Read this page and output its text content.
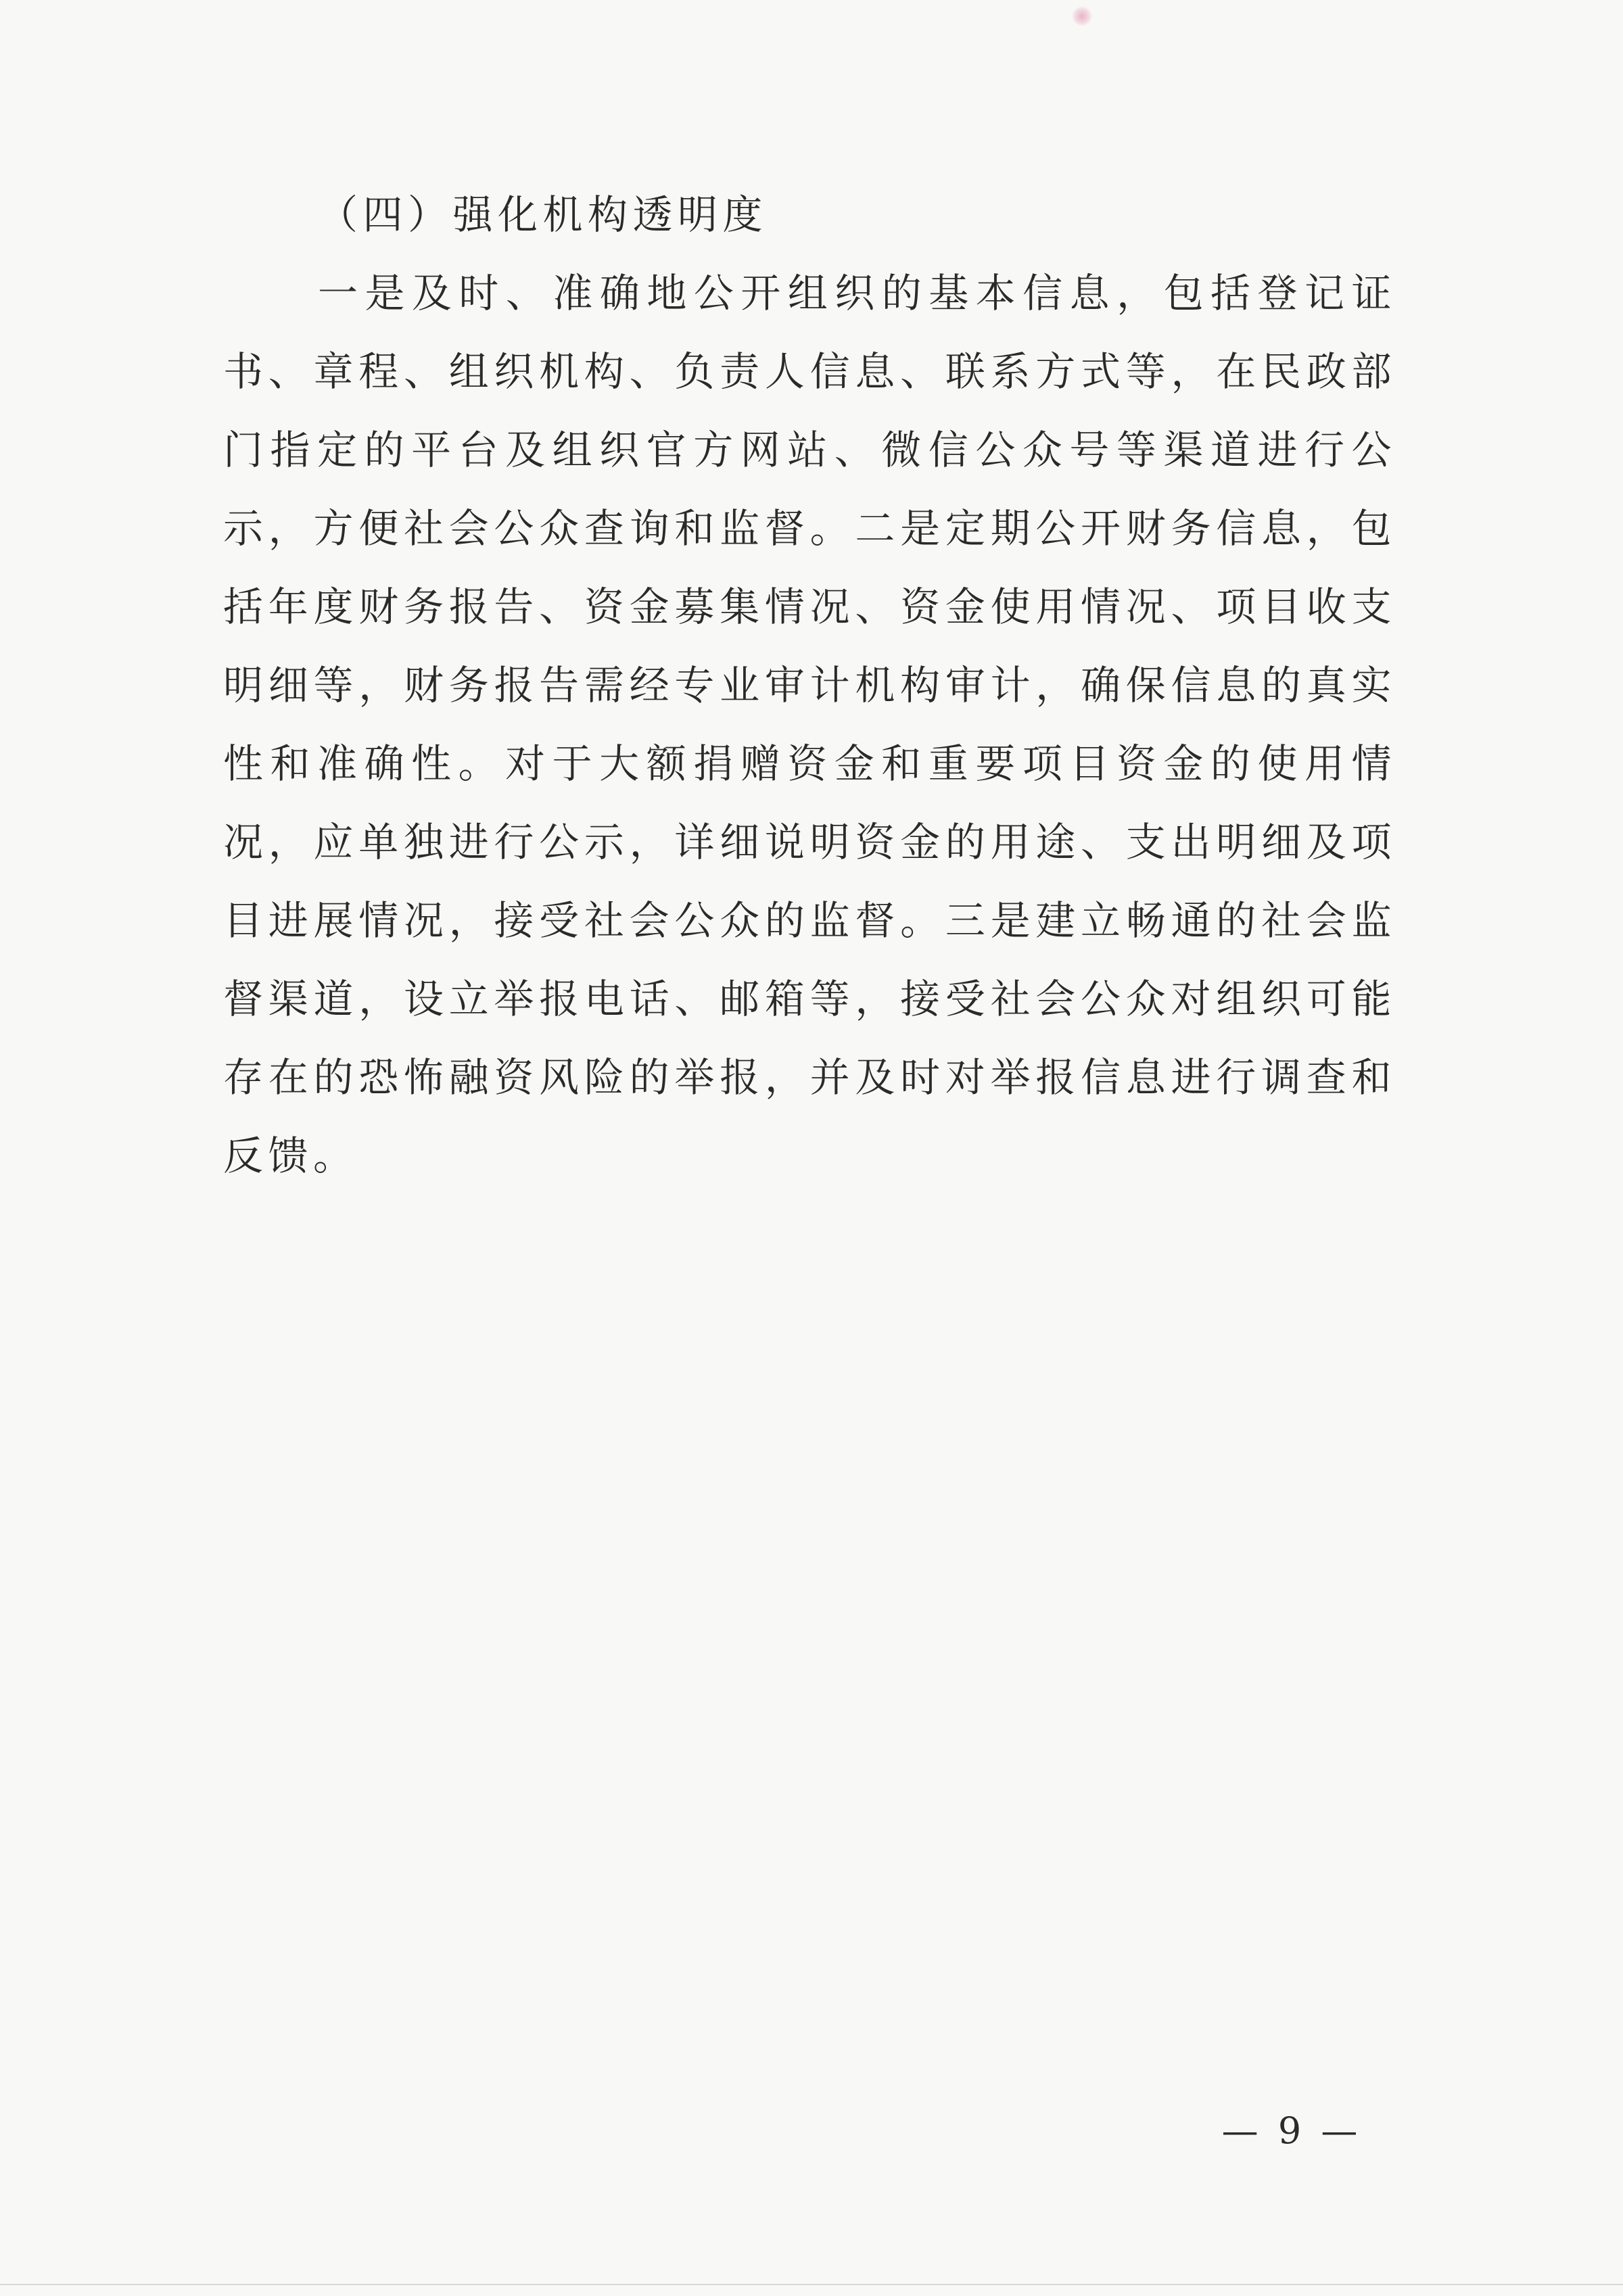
（四）强化机构透明度

一是及时、准确地公开组织的基本信息，包括登记证书、章程、组织机构、负责人信息、联系方式等，在民政部门指定的平台及组织官方网站、微信公众号等渠道进行公示，方便社会公众查询和监督。二是定期公开财务信息，包括年度财务报告、资金募集情况、资金使用情况、项目收支明细等，财务报告需经专业审计机构审计，确保信息的真实性和准确性。对于大额捐赠资金和重要项目资金的使用情况，应单独进行公示，详细说明资金的用途、支出明细及项目进展情况，接受社会公众的监督。三是建立畅通的社会监督渠道，设立举报电话、邮箱等，接受社会公众对组织可能存在的恐怖融资风险的举报，并及时对举报信息进行调查和反馈。

— 9 —
